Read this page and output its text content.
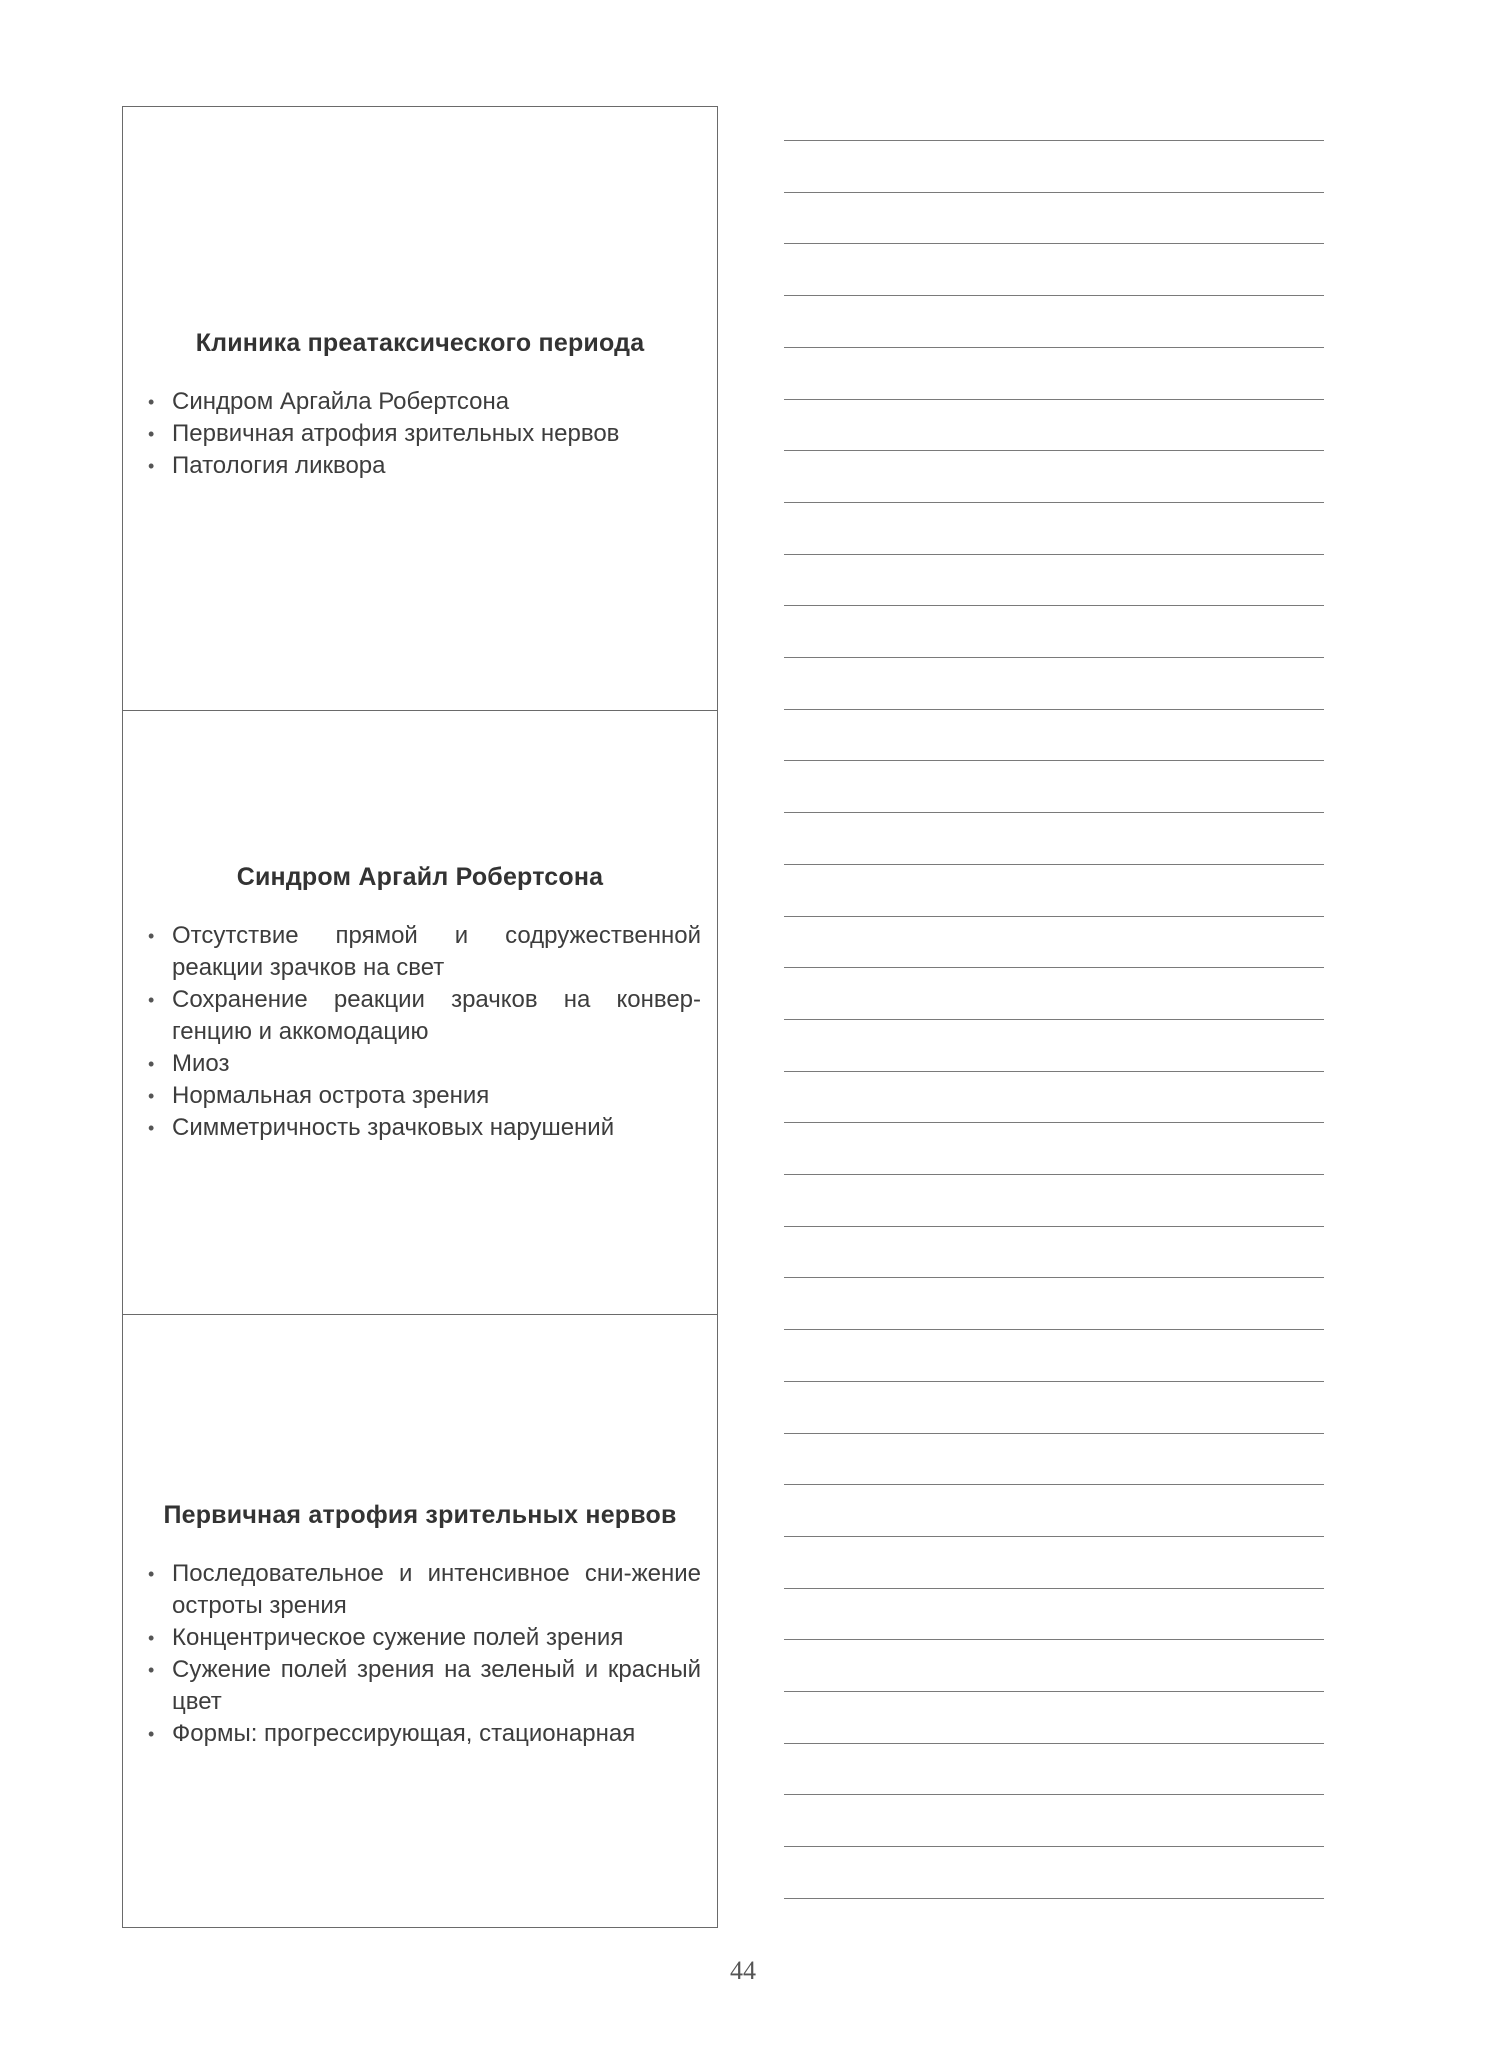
Клиника преатаксического периода
• Синдром Аргайла Робертсона
• Первичная атрофия зрительных нервов
• Патология ликвора
Синдром Аргайл Робертсона
• Отсутствие прямой и содружественной реакции зрачков на свет
• Сохранение реакции зрачков на конвер-генцию и аккомодацию
• Миоз
• Нормальная острота зрения
• Симметричность зрачковых нарушений
Первичная атрофия зрительных нервов
• Последовательное и интенсивное сни-жение остроты зрения
• Концентрическое сужение полей зрения
• Сужение полей зрения на зеленый и красный цвет
• Формы: прогрессирующая, стационарная
44
